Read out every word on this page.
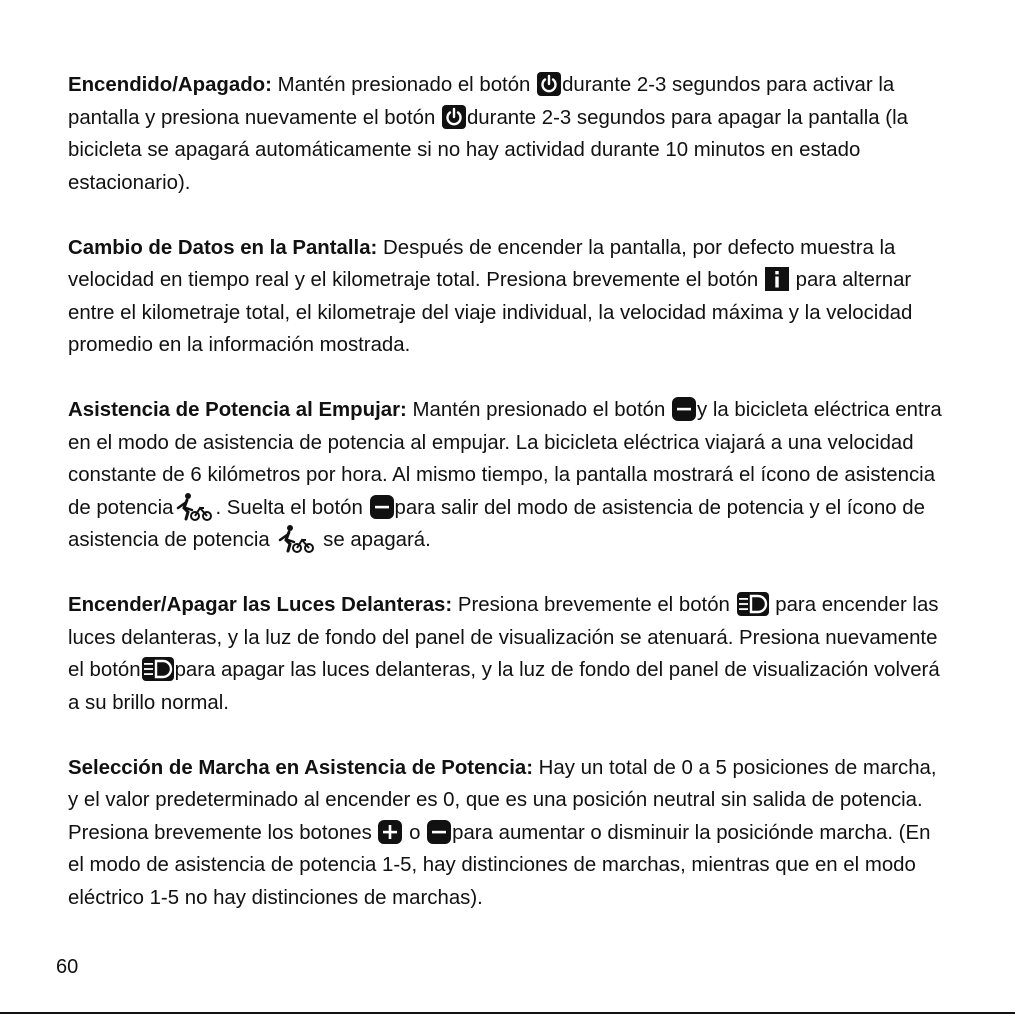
Encendido/Apagado: Mantén presionado el botón
durante 2-3 segundos para activar la pantalla y presiona nuevamente el botón
durante 2-3 segundos para apagar la pantalla (la bicicleta se apagará automáticamente si no hay actividad durante 10 minutos en estado estacionario).

Cambio de Datos en la Pantalla: Después de encender la pantalla, por defecto muestra la velocidad en tiempo real y el kilometraje total. Presiona brevemente el botón
para alternar entre el kilometraje total, el kilometraje del viaje individual, la velocidad máxima y la velocidad promedio en la información mostrada.

Asistencia de Potencia al Empujar: Mantén presionado el botón
y la bicicleta eléctrica entra en el modo de asistencia de potencia al empujar. La bicicleta eléctrica viajará a una velocidad constante de 6 kilómetros por hora. Al mismo tiempo, la pantalla mostrará el ícono de asistencia de potencia . Suelta el botón
para salir del modo de asistencia de potencia y el ícono de asistencia de potencia
se apagará.

Encender/Apagar las Luces Delanteras: Presiona brevemente el botón
para encender las luces delanteras, y la luz de fondo del panel de visualización se atenuará. Presiona nuevamente el botón para apagar las luces delanteras, y la luz de fondo del panel de visualización volverá a su brillo normal.

Selección de Marcha en Asistencia de Potencia: Hay un total de 0 a 5 posiciones de marcha, y el valor predeterminado al encender es 0, que es una posición neutral sin salida de potencia. Presiona brevemente los botones
o
para aumentar o disminuir la posiciónde marcha. (En el modo de asistencia de potencia 1-5, hay distinciones de marchas, mientras que en el modo eléctrico 1-5 no hay distinciones de marchas).

60
